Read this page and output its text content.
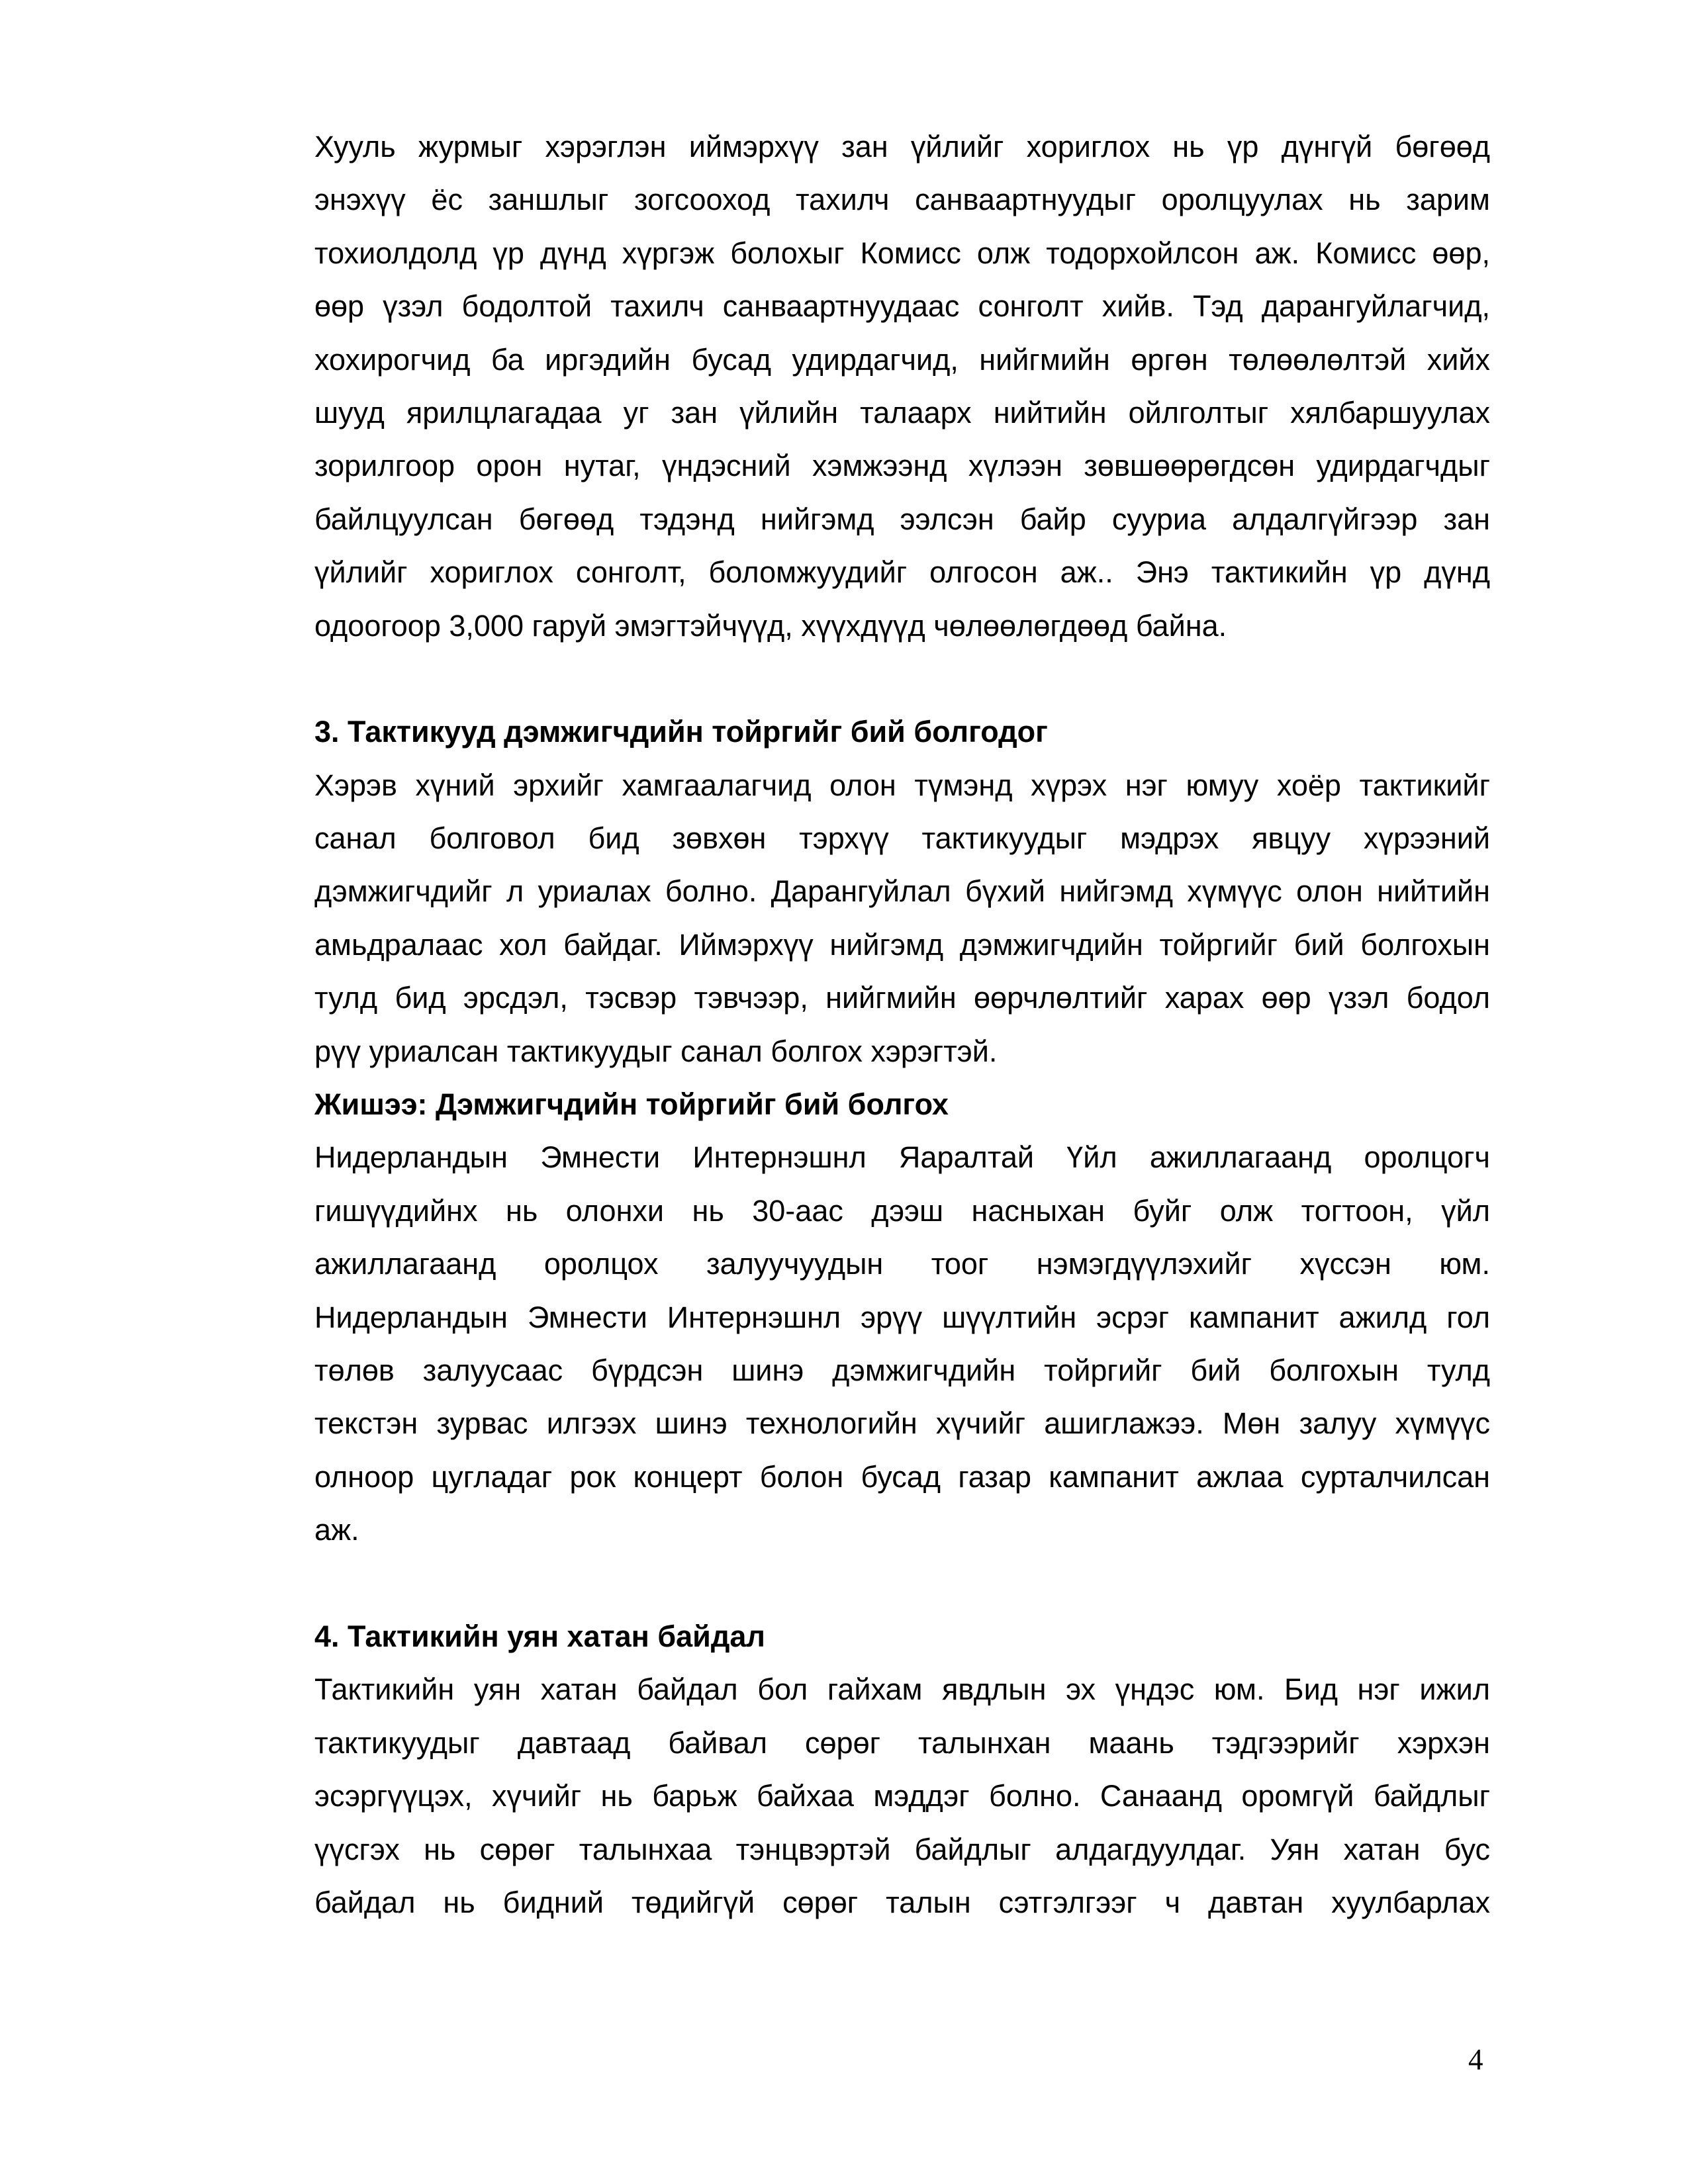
Хууль журмыг хэрэглэн иймэрхүү зан үйлийг хориглох нь үр дүнгүй бөгөөд
энэхүү ёс заншлыг зогсооход тахилч санваартнуудыг оролцуулах нь зарим
тохиолдолд үр дүнд хүргэж болохыг Комисс олж тодорхойлсон аж. Комисс өөр,
өөр үзэл бодолтой тахилч санваартнуудаас сонголт хийв. Тэд дарангуйлагчид,
хохирогчид ба иргэдийн бусад удирдагчид, нийгмийн өргөн төлөөлөлтэй хийх
шууд ярилцлагадаа уг зан үйлийн талаарх нийтийн ойлголтыг хялбаршуулах
зорилгоор орон нутаг, үндэсний хэмжээнд хүлээн зөвшөөрөгдсөн удирдагчдыг
байлцуулсан бөгөөд тэдэнд нийгэмд ээлсэн байр сууриа алдалгүйгээр зан
үйлийг хориглох сонголт, боломжуудийг олгосон аж.. Энэ тактикийн үр дүнд
одоогоор 3,000 гаруй эмэгтэйчүүд, хүүхдүүд чөлөөлөгдөөд байна.
3. Тактикууд дэмжигчдийн тойргийг бий болгодог
Хэрэв хүний эрхийг хамгаалагчид олон түмэнд хүрэх нэг юмуу хоёр тактикийг
санал болговол бид зөвхөн тэрхүү тактикуудыг мэдрэх явцуу хүрээний
дэмжигчдийг л уриалах болно. Дарангуйлал бүхий нийгэмд хүмүүс олон нийтийн
амьдралаас хол байдаг. Иймэрхүү нийгэмд дэмжигчдийн тойргийг бий болгохын
тулд бид эрсдэл, тэсвэр тэвчээр, нийгмийн өөрчлөлтийг харах өөр үзэл бодол
рүү уриалсан тактикуудыг санал болгох хэрэгтэй.
Жишээ: Дэмжигчдийн тойргийг бий болгох
Нидерландын Эмнести Интернэшнл Яаралтай Үйл ажиллагаанд оролцогч
гишүүдийнх нь олонхи нь 30-аас дээш насныхан буйг олж тогтоон, үйл
ажиллагаанд оролцох залуучуудын тоог нэмэгдүүлэхийг хүссэн юм.
Нидерландын Эмнести Интернэшнл эрүү шүүлтийн эсрэг кампанит ажилд гол
төлөв залуусаас бүрдсэн шинэ дэмжигчдийн тойргийг бий болгохын тулд
текстэн зурвас илгээх шинэ технологийн хүчийг ашиглажээ. Мөн залуу хүмүүс
олноор цугладаг рок концерт болон бусад газар кампанит ажлаа сурталчилсан
аж.
4. Тактикийн уян хатан байдал
Тактикийн уян хатан байдал бол гайхам явдлын эх үндэс юм. Бид нэг ижил
тактикуудыг давтаад байвал сөрөг талынхан маань тэдгээрийг хэрхэн
эсэргүүцэх, хүчийг нь барьж байхаа мэддэг болно. Санаанд оромгүй байдлыг
үүсгэх нь сөрөг талынхаа тэнцвэртэй байдлыг алдагдуулдаг. Уян хатан бус
байдал нь бидний төдийгүй сөрөг талын сэтгэлгээг ч давтан хуулбарлах
4
